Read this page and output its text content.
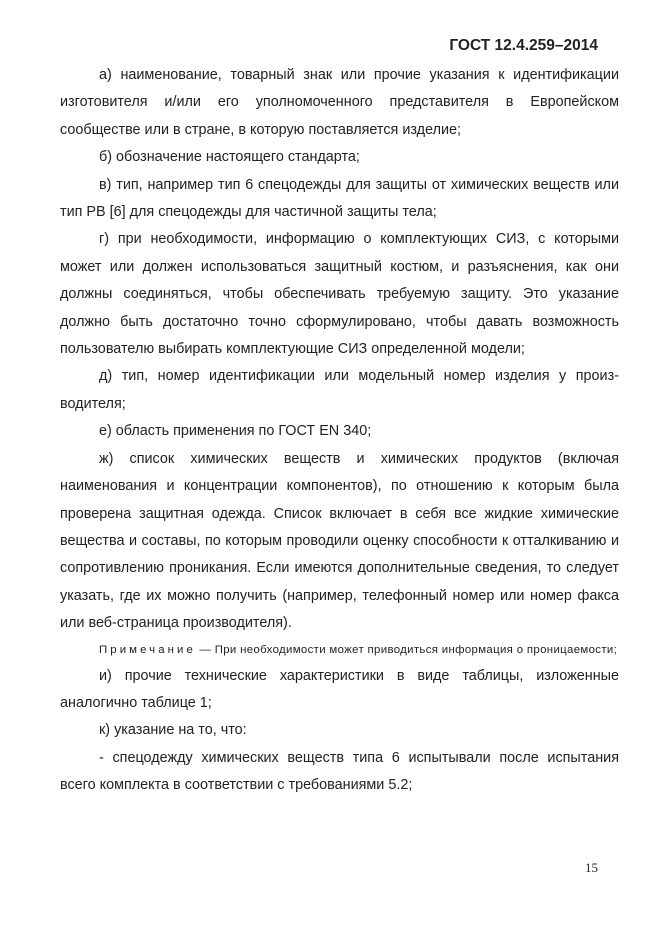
ГОСТ 12.4.259–2014

а) наименование, товарный знак или прочие указания к идентификации изготовителя и/или его уполномоченного представителя в Европейском сообществе или в стране, в которую поставляется изделие;

б) обозначение настоящего стандарта;

в) тип, например тип 6 спецодежды для защиты от химических веществ или тип PB [6] для спецодежды для частичной защиты тела;

г) при необходимости, информацию о комплектующих СИЗ, с которыми может или должен использоваться защитный костюм, и разъяснения, как они должны соединяться, чтобы обеспечивать требуемую защиту. Это указание должно быть достаточно точно сформулировано, чтобы давать возможность пользователю выбирать комплектующие СИЗ определенной модели;

д) тип, номер идентификации или модельный номер изделия у производителя;

е) область применения по ГОСТ EN 340;

ж) список химических веществ и химических продуктов (включая наименования и концентрации компонентов), по отношению к которым была проверена защитная одежда. Список включает в себя все жидкие химические вещества и составы, по которым проводили оценку способности к отталкиванию и сопротивлению проникания. Если имеются дополнительные сведения, то следует указать, где их можно получить (например, телефонный номер или номер факса или веб-страница производителя).

Примечание — При необходимости может приводиться информация о проницаемости;

и) прочие технические характеристики в виде таблицы, изложенные аналогично таблице 1;

к) указание на то, что:

- спецодежду химических веществ типа 6 испытывали после испытания всего комплекта в соответствии с требованиями 5.2;

15
